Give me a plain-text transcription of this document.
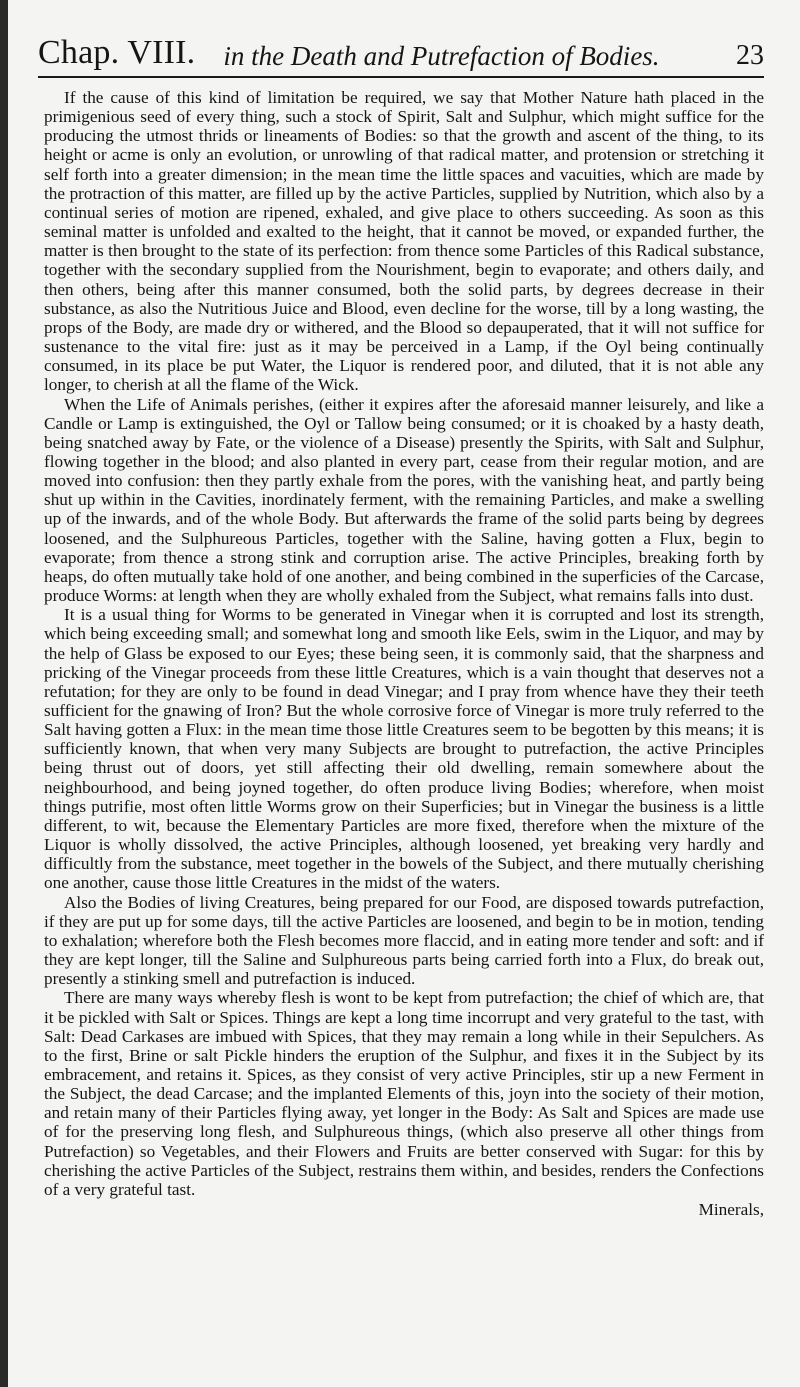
Chap. VIII. in the Death and Putrefaction of Bodies.	23

If the cause of this kind of limitation be required, we say that Mother Nature hath placed in the primigenious seed of every thing, such a stock of Spirit, Salt and Sulphur, which might suffice for the producing the utmost thrids or lineaments of Bodies: so that the growth and ascent of the thing, to its height or acme is only an evolution, or unrowling of that radical matter, and protension or stretching it self forth into a greater dimension; in the mean time the little spaces and vacuities, which are made by the protraction of this matter, are filled up by the active Particles, supplied by Nutrition, which also by a continual series of motion are ripened, exhaled, and give place to others succeeding. As soon as this seminal matter is unfolded and exalted to the height, that it cannot be moved, or expanded further, the matter is then brought to the state of its perfection: from thence some Particles of this Radical substance, together with the secondary supplied from the Nourishment, begin to evaporate; and others daily, and then others, being after this manner consumed, both the solid parts, by degrees decrease in their substance, as also the Nutritious Juice and Blood, even decline for the worse, till by a long wasting, the props of the Body, are made dry or withered, and the Blood so depauperated, that it will not suffice for sustenance to the vital fire: just as it may be perceived in a Lamp, if the Oyl being continually consumed, in its place be put Water, the Liquor is rendered poor, and diluted, that it is not able any longer, to cherish at all the flame of the Wick.

When the Life of Animals perishes, (either it expires after the aforesaid manner leisurely, and like a Candle or Lamp is extinguished, the Oyl or Tallow being consumed; or it is choaked by a hasty death, being snatched away by Fate, or the violence of a Disease) presently the Spirits, with Salt and Sulphur, flowing together in the blood; and also planted in every part, cease from their regular motion, and are moved into confusion: then they partly exhale from the pores, with the vanishing heat, and partly being shut up within in the Cavities, inordinately ferment, with the remaining Particles, and make a swelling up of the inwards, and of the whole Body. But afterwards the frame of the solid parts being by degrees loosened, and the Sulphureous Particles, together with the Saline, having gotten a Flux, begin to evaporate; from thence a strong stink and corruption arise. The active Principles, breaking forth by heaps, do often mutually take hold of one another, and being combined in the superficies of the Carcase, produce Worms: at length when they are wholly exhaled from the Subject, what remains falls into dust.

It is a usual thing for Worms to be generated in Vinegar when it is corrupted and lost its strength, which being exceeding small; and somewhat long and smooth like Eels, swim in the Liquor, and may by the help of Glass be exposed to our Eyes; these being seen, it is commonly said, that the sharpness and pricking of the Vinegar proceeds from these little Creatures, which is a vain thought that deserves not a refutation; for they are only to be found in dead Vinegar; and I pray from whence have they their teeth sufficient for the gnawing of Iron? But the whole corrosive force of Vinegar is more truly referred to the Salt having gotten a Flux: in the mean time those little Creatures seem to be begotten by this means; it is sufficiently known, that when very many Subjects are brought to putrefaction, the active Principles being thrust out of doors, yet still affecting their old dwelling, remain somewhere about the neighbourhood, and being joyned together, do often produce living Bodies; wherefore, when moist things putrifie, most often little Worms grow on their Superficies; but in Vinegar the business is a little different, to wit, because the Elementary Particles are more fixed, therefore when the mixture of the Liquor is wholly dissolved, the active Principles, although loosened, yet breaking very hardly and difficultly from the substance, meet together in the bowels of the Subject, and there mutually cherishing one another, cause those little Creatures in the midst of the waters.

Also the Bodies of living Creatures, being prepared for our Food, are disposed towards putrefaction, if they are put up for some days, till the active Particles are loosened, and begin to be in motion, tending to exhalation; wherefore both the Flesh becomes more flaccid, and in eating more tender and soft: and if they are kept longer, till the Saline and Sulphureous parts being carried forth into a Flux, do break out, presently a stinking smell and putrefaction is induced.

There are many ways whereby flesh is wont to be kept from putrefaction; the chief of which are, that it be pickled with Salt or Spices. Things are kept a long time incorrupt and very grateful to the tast, with Salt: Dead Carkases are imbued with Spices, that they may remain a long while in their Sepulchers. As to the first, Brine or salt Pickle hinders the eruption of the Sulphur, and fixes it in the Subject by its embracement, and retains it. Spices, as they consist of very active Principles, stir up a new Ferment in the Subject, the dead Carcase; and the implanted Elements of this, joyn into the society of their motion, and retain many of their Particles flying away, yet longer in the Body: As Salt and Spices are made use of for the preserving long flesh, and Sulphureous things, (which also preserve all other things from Putrefaction) so Vegetables, and their Flowers and Fruits are better conserved with Sugar: for this by cherishing the active Particles of the Subject, restrains them within, and besides, renders the Confections of a very grateful tast.

Minerals,
